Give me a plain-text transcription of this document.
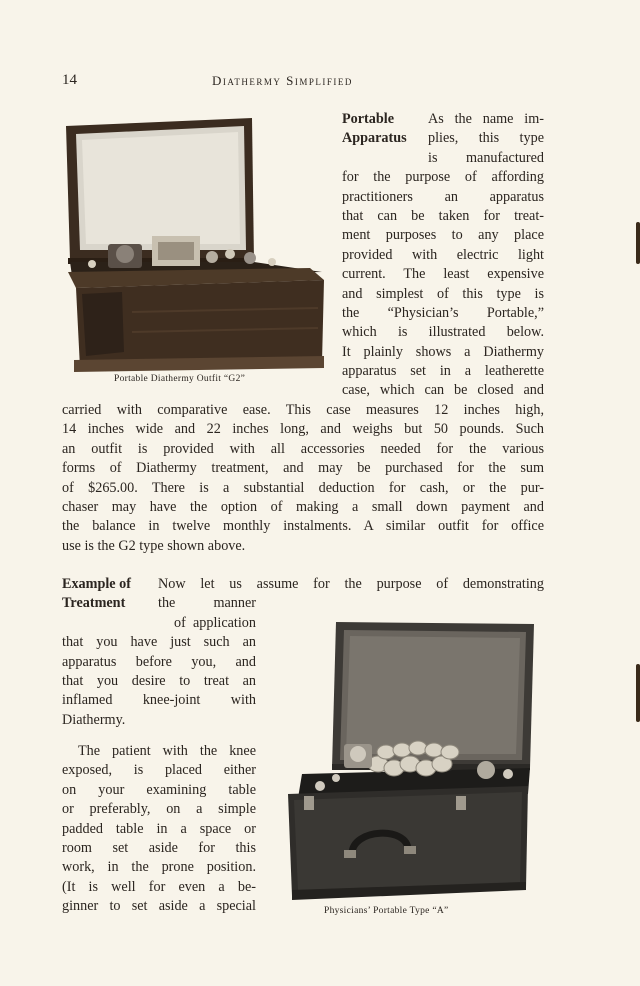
14	Diathermy Simplified
Portable Diathermy Outfit “G2”
Portable
Apparatus
As the name im-
plies, this type
is manufactured
for the purpose of affording
practitioners an apparatus
that can be taken for treat-
ment purposes to any place
provided with electric light
current. The least expensive
and simplest of this type is
the “Physician’s Portable,”
which is illustrated below.
It plainly shows a Diathermy
apparatus set in a leatherette
case, which can be closed and
carried with comparative ease. This case measures 12 inches high,
14 inches wide and 22 inches long, and weighs but 50 pounds. Such
an outfit is provided with all accessories needed for the various
forms of Diathermy treatment, and may be purchased for the sum
of $265.00. There is a substantial deduction for cash, or the pur-
chaser may have the option of making a small down payment and
the balance in twelve monthly instalments. A similar outfit for office
use is the G2 type shown above.
Example of
Treatment
Now let us assume for the purpose of demonstrating
the manner
of application
that you have just such an
apparatus before you, and
that you desire to treat an
inflamed knee-joint with
Diathermy.
The patient with the knee
exposed, is placed either
on your examining table
or preferably, on a simple
padded table in a space or
room set aside for this
work, in the prone position.
(It is well for even a be-
ginner to set aside a special	Physicians’ Portable Type “A”
